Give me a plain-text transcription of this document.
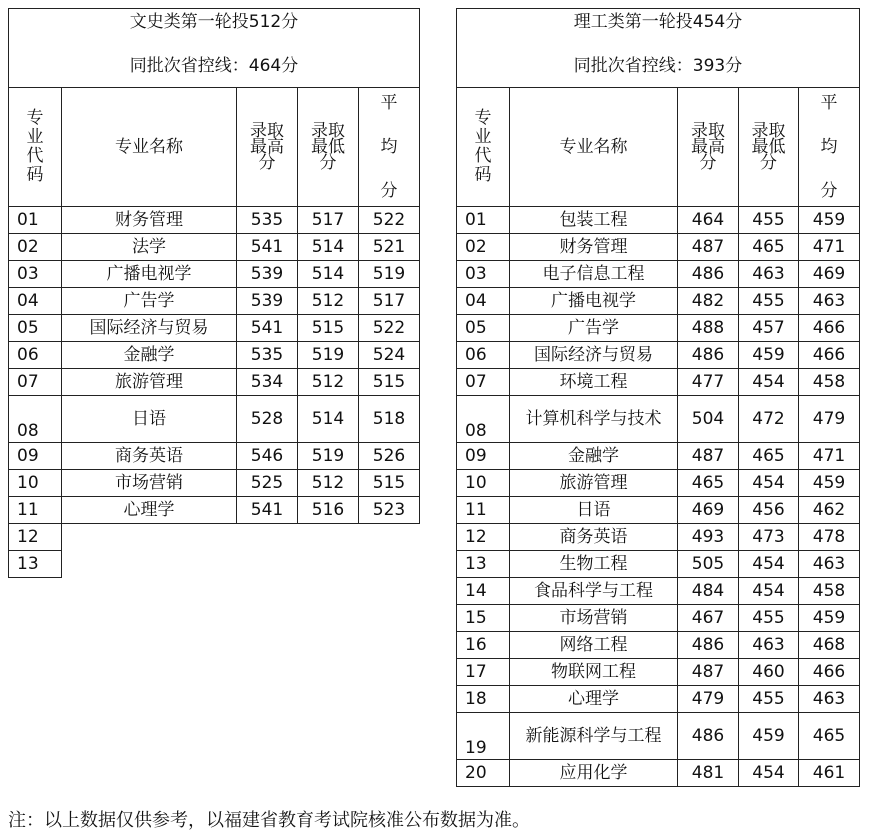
文史类第一轮投512分
同批次省控线：464分				

专业代码	专业名称	录取最高分	录取最低分	平
均
分

01	财务管理	535	517	522
02	法学	541	514	521
03	广播电视学	539	514	519
04	广告学	539	512	517
05	国际经济与贸易	541	515	522
06	金融学	535	519	524
07	旅游管理	534	512	515
08	日语	528	514	518
09	商务英语	546	519	526
10	市场营销	525	512	515
11	心理学	541	516	523
12				
13				
理工类第一轮投454分
同批次省控线：393分				

专业代码	专业名称	录取最高分	录取最低分	平
均
分

01	包装工程	464	455	459
02	财务管理	487	465	471
03	电子信息工程	486	463	469
04	广播电视学	482	455	463
05	广告学	488	457	466
06	国际经济与贸易	486	459	466
07	环境工程	477	454	458
08	计算机科学与技术	504	472	479
09	金融学	487	465	471
10	旅游管理	465	454	459
11	日语	469	456	462
12	商务英语	493	473	478
13	生物工程	505	454	463
14	食品科学与工程	484	454	458
15	市场营销	467	455	459
16	网络工程	486	463	468
17	物联网工程	487	460	466
18	心理学	479	455	463
19	新能源科学与工程	486	459	465
20	应用化学	481	454	461
注：以上数据仅供参考，以福建省教育考试院核准公布数据为准。
